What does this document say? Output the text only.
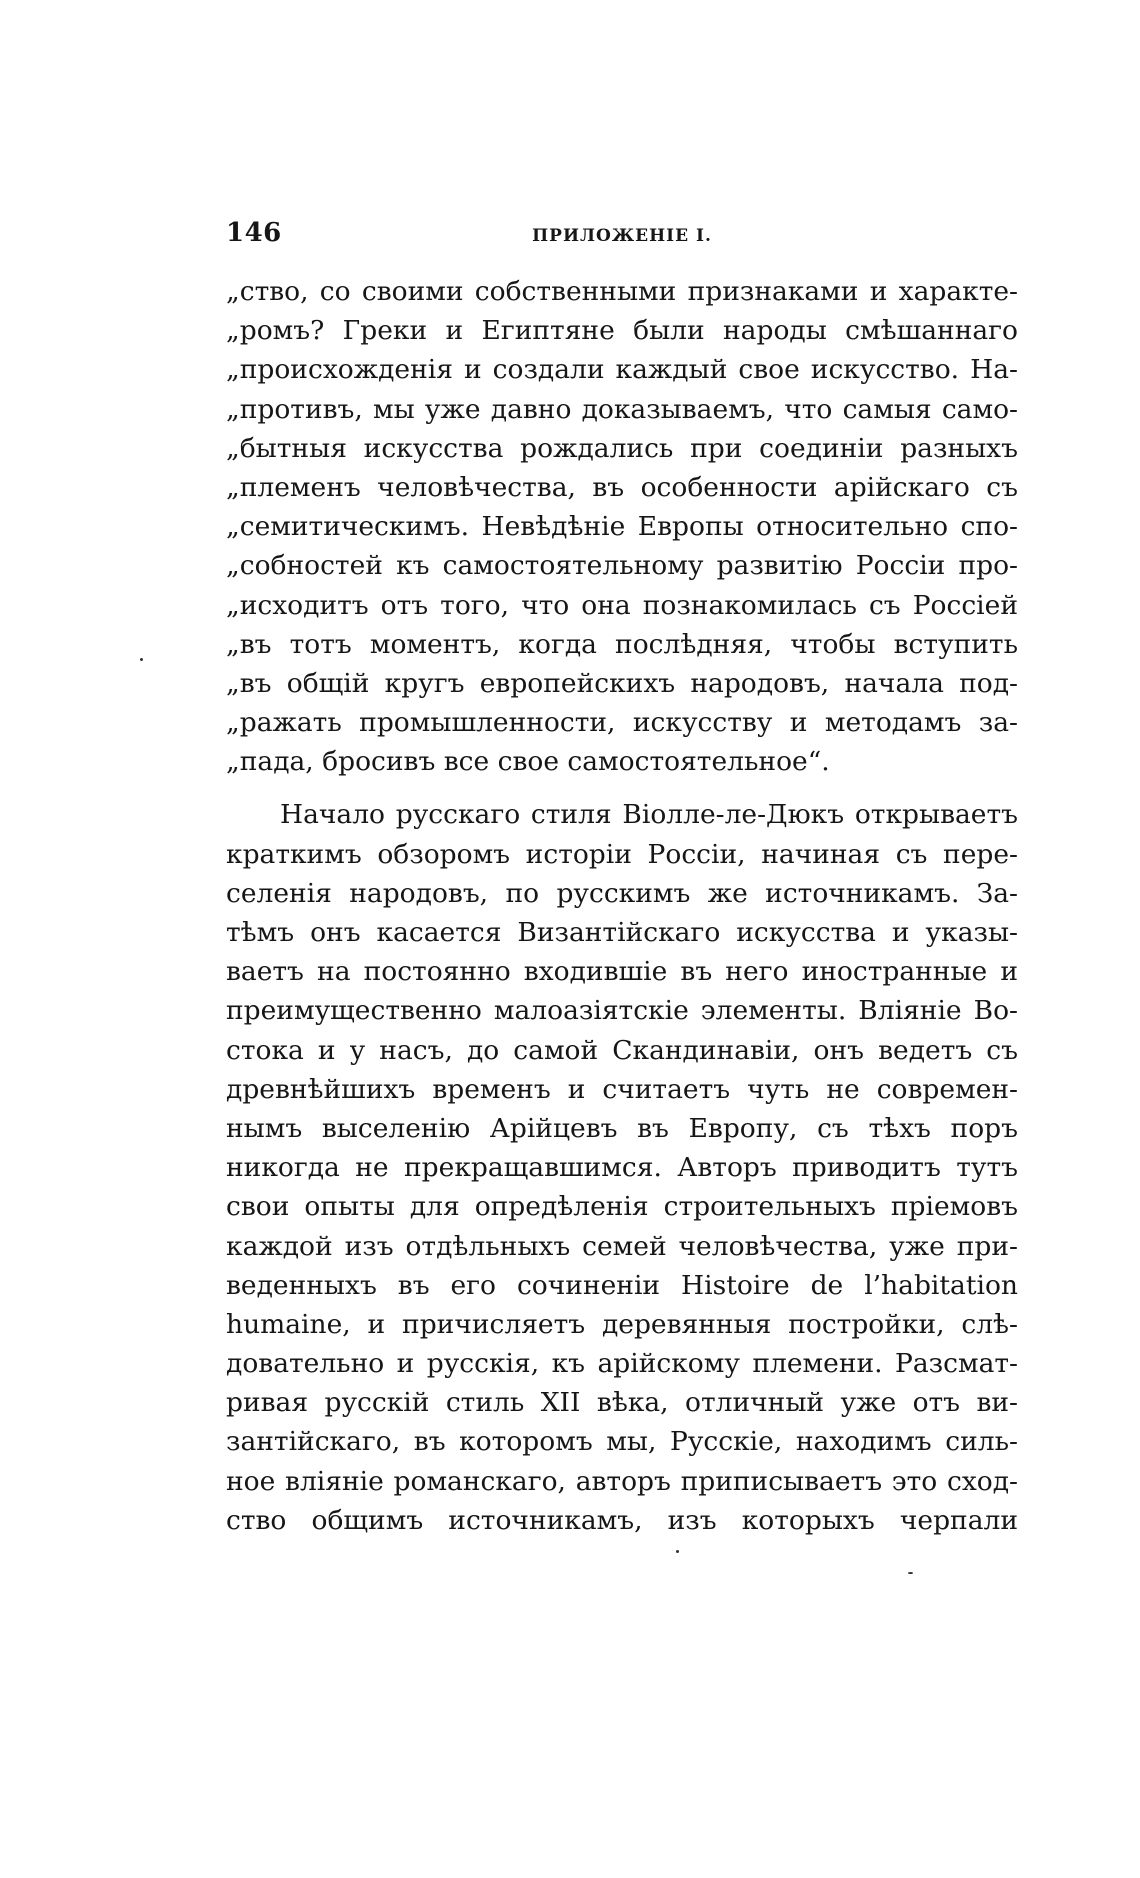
146	ПРИЛОЖЕНІЕ I.
„ство, со своими собственными признаками и характе-
„ромъ? Греки и Египтяне были народы смѣшаннаго
„происхожденія и создали каждый свое искусство. На-
„противъ, мы уже давно доказываемъ, что самыя само-
„бытныя искусства рождались при соединіи разныхъ
„племенъ человѣчества, въ особенности арійскаго съ
„семитическимъ. Невѣдѣніе Европы относительно спо-
„собностей къ самостоятельному развитію Россіи про-
„исходитъ отъ того, что она познакомилась съ Россіей
„въ тотъ моментъ, когда послѣдняя, чтобы вступить
„въ общій кругъ европейскихъ народовъ, начала под-
„ражать промышленности, искусству и методамъ за-
„пада, бросивъ все свое самостоятельное“.
Начало русскаго стиля Віолле-ле-Дюкъ открываетъ
краткимъ обзоромъ исторіи Россіи, начиная съ пере-
селенія народовъ, по русскимъ же источникамъ. За-
тѣмъ онъ касается Византійскаго искусства и указы-
ваетъ на постоянно входившіе въ него иностранные и
преимущественно малоазіятскіе элементы. Вліяніе Во-
стока и у насъ, до самой Скандинавіи, онъ ведетъ съ
древнѣйшихъ временъ и считаетъ чуть не современ-
нымъ выселенію Арійцевъ въ Европу, съ тѣхъ поръ
никогда не прекращавшимся. Авторъ приводитъ тутъ
свои опыты для опредѣленія строительныхъ пріемовъ
каждой изъ отдѣльныхъ семей человѣчества, уже при-
веденныхъ въ его сочиненіи Histoire de l’habitation
humaine, и причисляетъ деревянныя постройки, слѣ-
довательно и русскія, къ арійскому племени. Разсмат-
ривая русскій стиль XII вѣка, отличный уже отъ ви-
зантійскаго, въ которомъ мы, Русскіе, находимъ силь-
ное вліяніе романскаго, авторъ приписываетъ это сход-
ство общимъ источникамъ, изъ которыхъ черпали
